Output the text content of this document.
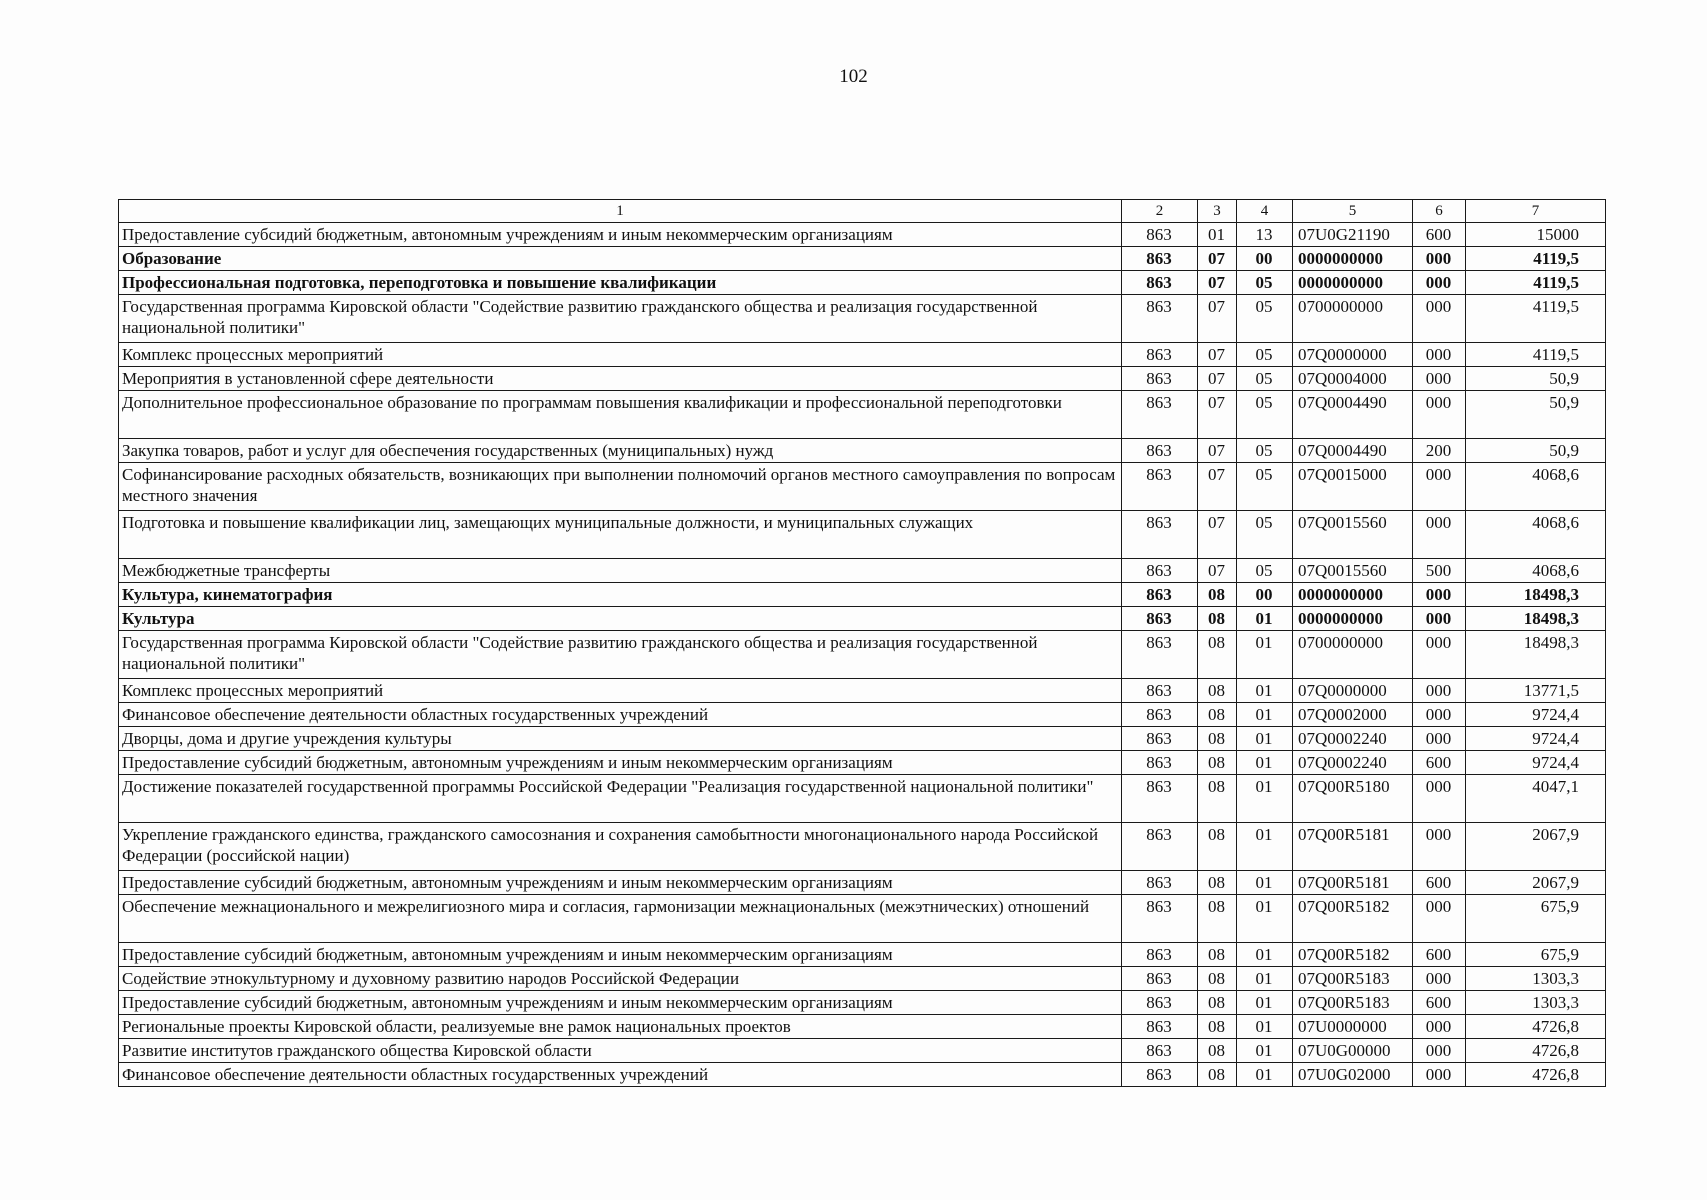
102
1	2	3	4	5	6	7
Предоставление субсидий бюджетным, автономным учреждениям и иным некоммерческим организациям	863	01	13	07U0G21190	600	15000
Образование	863	07	00	0000000000	000	4119,5
Профессиональная подготовка, переподготовка и повышение квалификации	863	07	05	0000000000	000	4119,5
Государственная программа Кировской области "Содействие развитию гражданского общества и реализация государственной национальной политики"	863	07	05	0700000000	000	4119,5
Комплекс процессных мероприятий	863	07	05	07Q0000000	000	4119,5
Мероприятия в установленной сфере деятельности	863	07	05	07Q0004000	000	50,9
Дополнительное профессиональное образование по программам повышения квалификации и профессиональной переподготовки	863	07	05	07Q0004490	000	50,9
Закупка товаров, работ и услуг для обеспечения государственных (муниципальных) нужд	863	07	05	07Q0004490	200	50,9
Софинансирование расходных обязательств, возникающих при выполнении полномочий органов местного самоуправления по вопросам местного значения	863	07	05	07Q0015000	000	4068,6
Подготовка и повышение квалификации лиц, замещающих муниципальные должности, и муниципальных служащих	863	07	05	07Q0015560	000	4068,6
Межбюджетные трансферты	863	07	05	07Q0015560	500	4068,6
Культура, кинематография	863	08	00	0000000000	000	18498,3
Культура	863	08	01	0000000000	000	18498,3
Государственная программа Кировской области "Содействие развитию гражданского общества и реализация государственной национальной политики"	863	08	01	0700000000	000	18498,3
Комплекс процессных мероприятий	863	08	01	07Q0000000	000	13771,5
Финансовое обеспечение деятельности областных государственных учреждений	863	08	01	07Q0002000	000	9724,4
Дворцы, дома и другие учреждения культуры	863	08	01	07Q0002240	000	9724,4
Предоставление субсидий бюджетным, автономным учреждениям и иным некоммерческим организациям	863	08	01	07Q0002240	600	9724,4
Достижение показателей государственной программы Российской Федерации "Реализация государственной национальной политики"	863	08	01	07Q00R5180	000	4047,1
Укрепление гражданского единства, гражданского самосознания и сохранения самобытности многонационального народа Российской Федерации (российской нации)	863	08	01	07Q00R5181	000	2067,9
Предоставление субсидий бюджетным, автономным учреждениям и иным некоммерческим организациям	863	08	01	07Q00R5181	600	2067,9
Обеспечение межнационального и межрелигиозного мира и согласия, гармонизации межнациональных (межэтнических) отношений	863	08	01	07Q00R5182	000	675,9
Предоставление субсидий бюджетным, автономным учреждениям и иным некоммерческим организациям	863	08	01	07Q00R5182	600	675,9
Содействие этнокультурному и духовному развитию народов Российской Федерации	863	08	01	07Q00R5183	000	1303,3
Предоставление субсидий бюджетным, автономным учреждениям и иным некоммерческим организациям	863	08	01	07Q00R5183	600	1303,3
Региональные проекты Кировской области, реализуемые вне рамок национальных проектов	863	08	01	07U0000000	000	4726,8
Развитие институтов гражданского общества Кировской области	863	08	01	07U0G00000	000	4726,8
Финансовое обеспечение деятельности областных государственных учреждений	863	08	01	07U0G02000	000	4726,8
